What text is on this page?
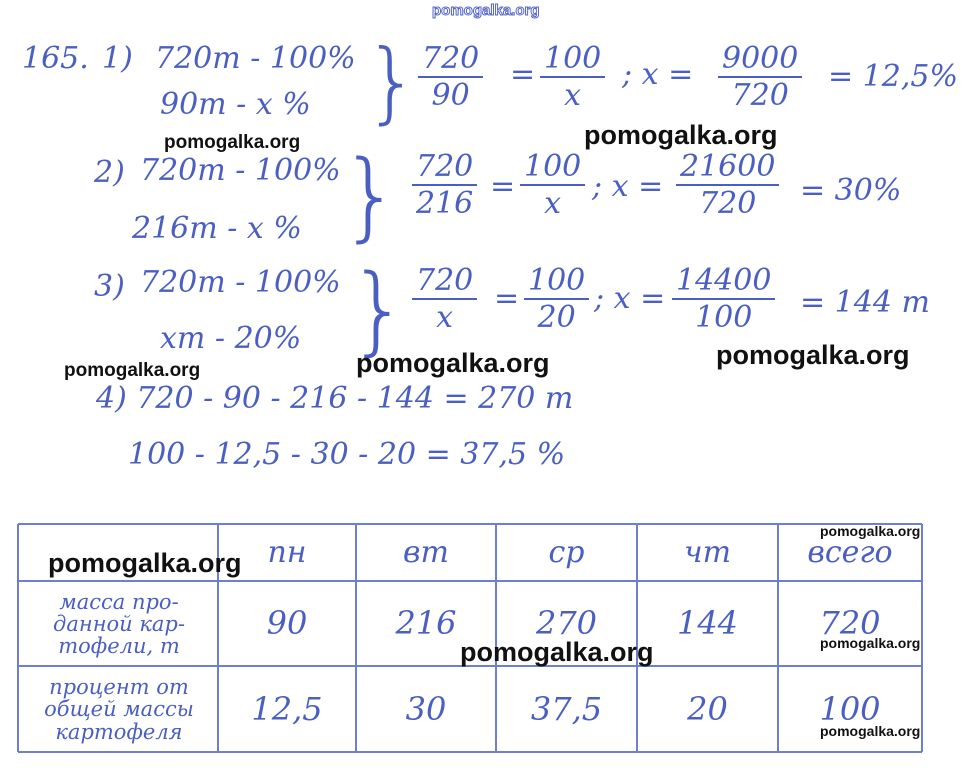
pomogalka.org
165. 1) 720т - 100%
90т - x % }
$\frac{720}{90} = \frac{100}{x}$ ; $x = \frac{9000}{720} = 12,5\%$
2) 720т - 100%
216т - x % } $\frac{720}{216} = \frac{100}{x}$ ; $x = \frac{21600}{720} = 30\%$
3) 720т - 100%
xт - 20% } $\frac{720}{x} = \frac{100}{20}$ ; $x = \frac{14400}{100} = 144$ т
4) 720 - 90 - 216 - 144 = 270 т
100 - 12,5 - 30 - 20 = 37,5 %
пн	вт	ср	чт	всего
масса про-данной кар-тофели, т
90	216	270	144	720
процент от общей массы картофеля
12,5	30	37,5	20	100
pomogalka.org	pomogalka.org
pomogalka.org	pomogalka.org	pomogalka.org
pomogalka.org
pomogalka.org
pomogalka.org
pomogalka.org
pomogalka.org
